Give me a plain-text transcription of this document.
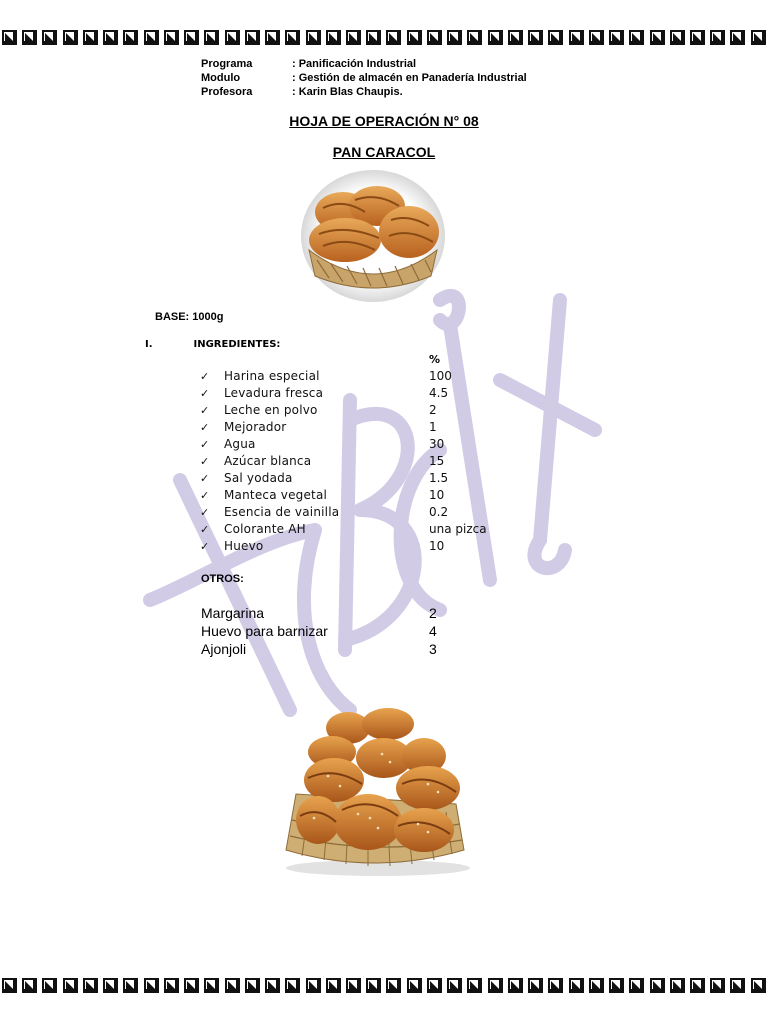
Programa	: Panificación Industrial
Modulo	: Gestión de almacén en Panadería Industrial
Profesora	: Karin Blas Chaupis.
HOJA DE OPERACIÓN N° 08
PAN CARACOL
BASE: 1000g
I.	INGREDIENTES:
%
✓	Harina especial	100
✓	Levadura fresca	4.5
✓	Leche en polvo	2
✓	Mejorador	1
✓	Agua	30
✓	Azúcar blanca	15
✓	Sal yodada	1.5
✓	Manteca vegetal	10
✓	Esencia de vainilla	0.2
✓	Colorante AH	una pizca
✓	Huevo	10
OTROS:
Margarina	2
Huevo para barnizar	4
Ajonjoli	3
